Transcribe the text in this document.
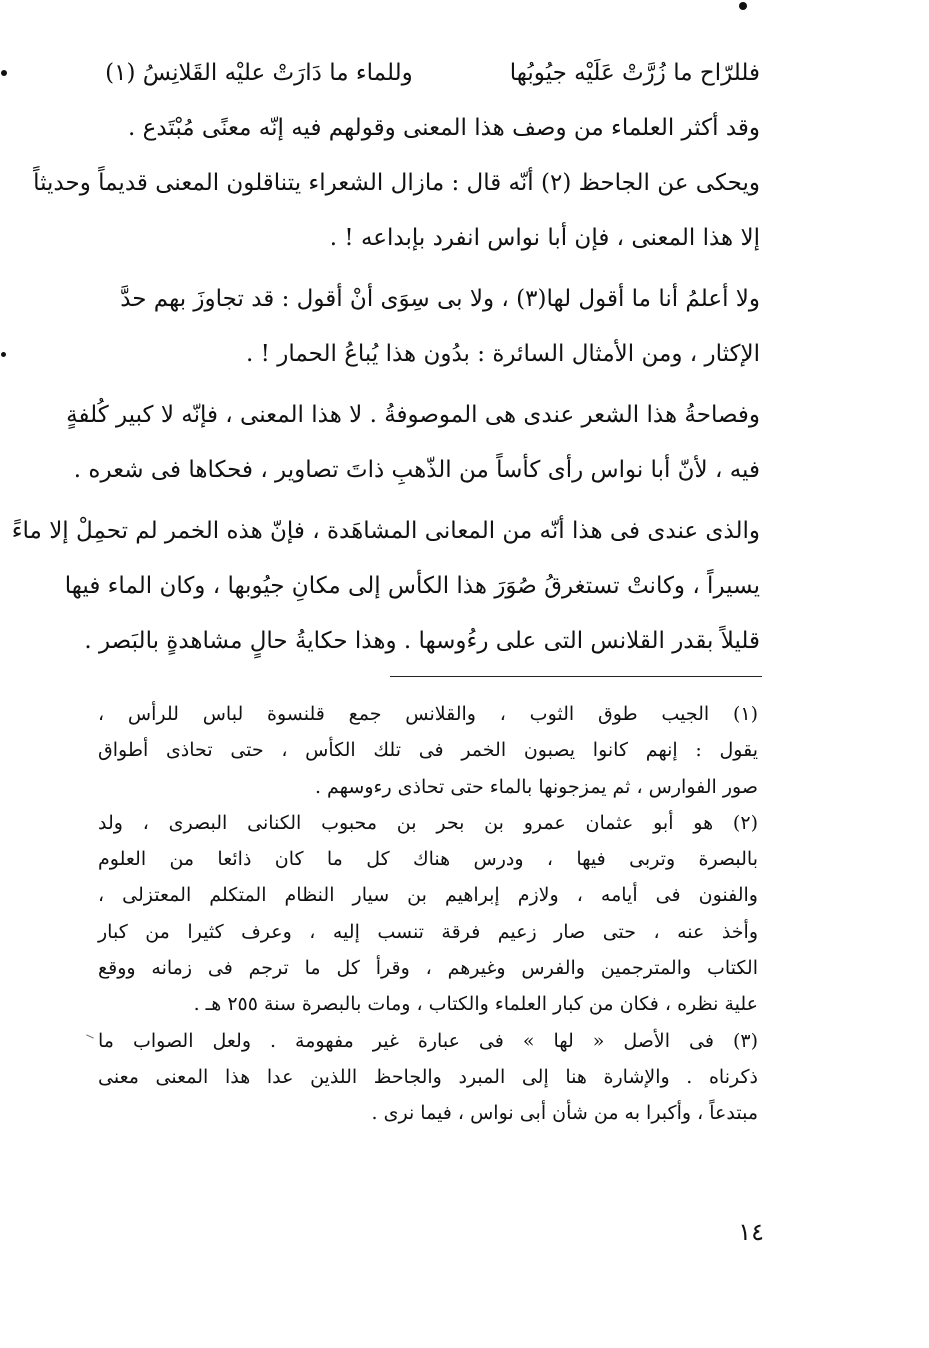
فللرّاح ما زُرَّتْ عَلَيْه جيُوبُها وللماء ما دَارَتْ عليْه القَلانِسُ (١)
وقد أكثر العلماء من وصف هذا المعنى وقولهم فيه إنّه معنًى مُبْتَدع .
ويحكى عن الجاحظ (٢) أنّه قال : مازال الشعراء يتناقلون المعنى قديماً وحديثاً
إلا هذا المعنى ، فإن أبا نواس انفرد بإبداعه ! .
ولا أعلمُ أنا ما أقول لها(٣) ، ولا بى سِوَى أنْ أقول : قد تجاوزَ بهم حدَّ
الإكثار ، ومن الأمثال السائرة : بدُون هذا يُباعُ الحمار ! .
وفصاحةُ هذا الشعر عندى هى الموصوفةُ . لا هذا المعنى ، فإنّه لا كبير كُلفةٍ
فيه ، لأنّ أبا نواس رأى كأساً من الذّهبِ ذاتَ تصاوير ، فحكاها فى شعره .
والذى عندى فى هذا أنّه من المعانى المشاهَدة ، فإنّ هذه الخمر لم تحمِلْ إلا ماءً
يسيراً ، وكانتْ تستغرقُ صُوَرَ هذا الكأس إلى مكانِ جيُوبها ، وكان الماء فيها
قليلاً بقدر القلانس التى على رءُوسها . وهذا حكايةُ حالٍ مشاهدةٍ بالبَصر .
(١) الجيب طوق الثوب ، والقلانس جمع قلنسوة لباس للرأس ،
يقول : إنهم كانوا يصبون الخمر فى تلك الكأس ، حتى تحاذى أطواق
صور الفوارس ، ثم يمزجونها بالماء حتى تحاذى رءوسهم .
(٢) هو أبو عثمان عمرو بن بحر بن محبوب الكنانى البصرى ، ولد
بالبصرة وتربى فيها ، ودرس هناك كل ما كان ذائعا من العلوم
والفنون فى أيامه ، ولازم إبراهيم بن سيار النظام المتكلم المعتزلى ،
وأخذ عنه ، حتى صار زعيم فرقة تنسب إليه ، وعرف كثيرا من كبار
الكتاب والمترجمين والفرس وغيرهم ، وقرأ كل ما ترجم فى زمانه ووقع
علية نظره ، فكان من كبار العلماء والكتاب ، ومات بالبصرة سنة ٢٥٥ هـ .
(٣) فى الأصل « لها » فى عبارة غير مفهومة . ولعل الصواب ما
ذكرناه . والإشارة هنا إلى المبرد والجاحظ اللذين عدا هذا المعنى معنى
مبتدعاً ، وأكبرا به من شأن أبى نواس ، فيما نرى .
١٤
